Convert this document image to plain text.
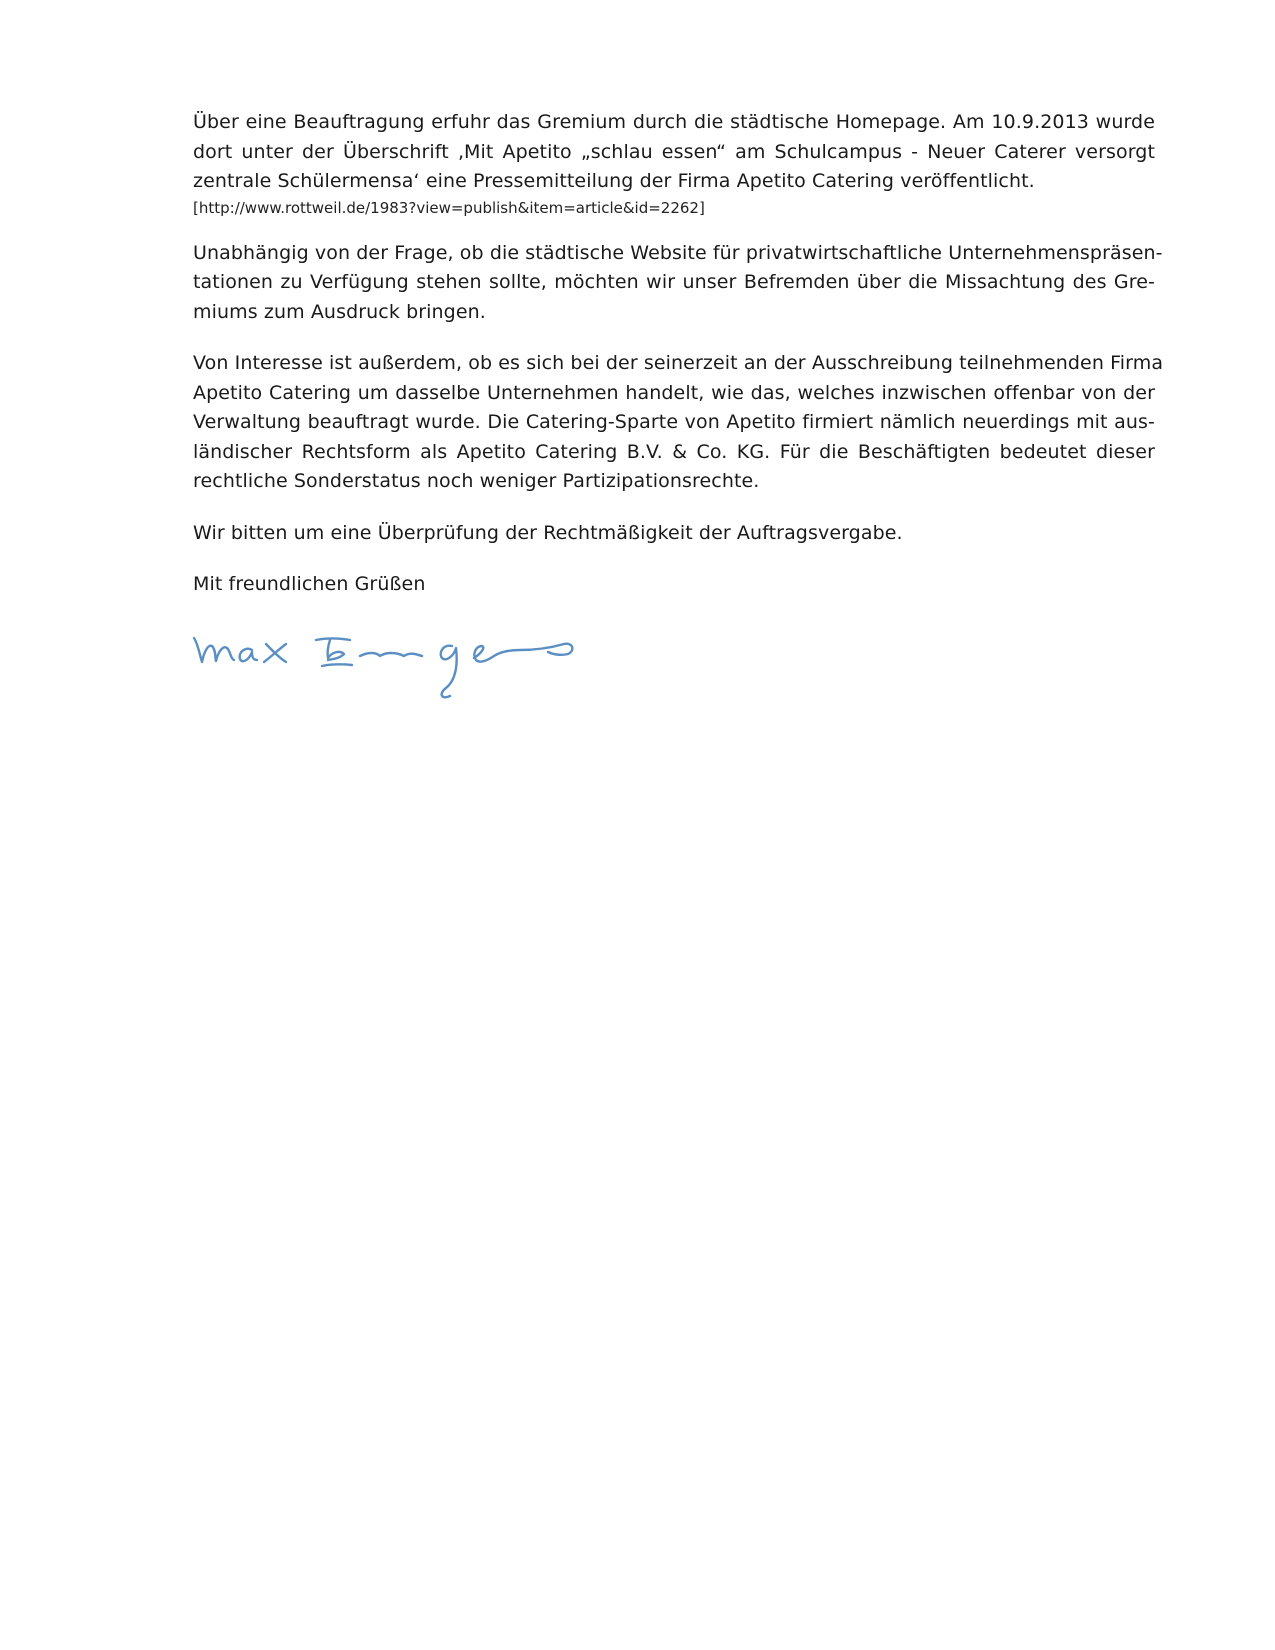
Über eine Beauftragung erfuhr das Gremium durch die städtische Homepage. Am 10.9.2013 wurde
dort unter der Überschrift ‚Mit Apetito „schlau essen“ am Schulcampus - Neuer Caterer versorgt
zentrale Schülermensa‘ eine Pressemitteilung der Firma Apetito Catering veröffentlicht.

[http://www.rottweil.de/1983?view=publish&item=article&id=2262]

Unabhängig von der Frage, ob die städtische Website für privatwirtschaftliche Unternehmenspräsen-
tationen zu Verfügung stehen sollte, möchten wir unser Befremden über die Missachtung des Gre-
miums zum Ausdruck bringen.

Von Interesse ist außerdem, ob es sich bei der seinerzeit an der Ausschreibung teilnehmenden Firma
Apetito Catering um dasselbe Unternehmen handelt, wie das, welches inzwischen offenbar von der
Verwaltung beauftragt wurde. Die Catering-Sparte von Apetito firmiert nämlich neuerdings mit aus-
ländischer Rechtsform als Apetito Catering B.V. & Co. KG. Für die Beschäftigten bedeutet dieser
rechtliche Sonderstatus noch weniger Partizipationsrechte.

Wir bitten um eine Überprüfung der Rechtmäßigkeit der Auftragsvergabe.

Mit freundlichen Grüßen
